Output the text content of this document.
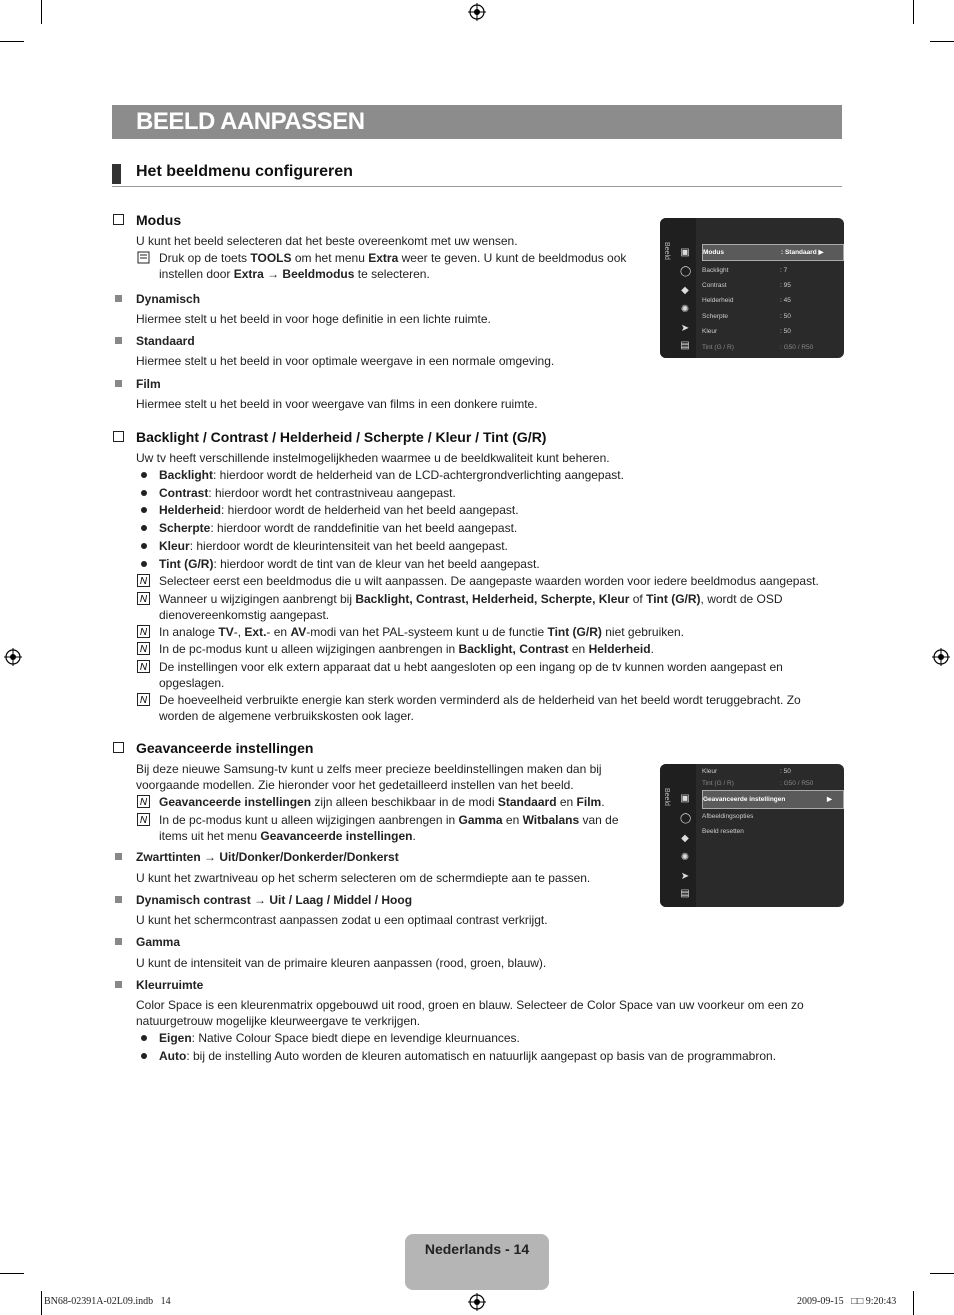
BEELD AANPASSEN
Het beeldmenu configureren
Modus
U kunt het beeld selecteren dat het beste overeenkomt met uw wensen.
Druk op de toets TOOLS om het menu Extra weer te geven. U kunt de beeldmodus ook
instellen door Extra → Beeldmodus te selecteren.
Dynamisch
Hiermee stelt u het beeld in voor hoge definitie in een lichte ruimte.
Standaard
Hiermee stelt u het beeld in voor optimale weergave in een normale omgeving.
Film
Hiermee stelt u het beeld in voor weergave van films in een donkere ruimte.
Beeld ▣
◯
◆
✺
➤
▤
Modus	: Standaard ▶
Backlight	: 7
Contrast	: 95
Helderheid	: 45
Scherpte	: 50
Kleur	: 50
Tint (G / R)	: G50 / R50
Backlight / Contrast / Helderheid / Scherpte / Kleur / Tint (G/R)
Uw tv heeft verschillende instelmogelijkheden waarmee u de beeldkwaliteit kunt beheren.
Backlight: hierdoor wordt de helderheid van de LCD-achtergrondverlichting aangepast.
Contrast: hierdoor wordt het contrastniveau aangepast.
Helderheid: hierdoor wordt de helderheid van het beeld aangepast.
Scherpte: hierdoor wordt de randdefinitie van het beeld aangepast.
Kleur: hierdoor wordt de kleurintensiteit van het beeld aangepast.
Tint (G/R): hierdoor wordt de tint van de kleur van het beeld aangepast.
N Selecteer eerst een beeldmodus die u wilt aanpassen. De aangepaste waarden worden voor iedere beeldmodus aangepast.
N Wanneer u wijzigingen aanbrengt bij Backlight, Contrast, Helderheid, Scherpte, Kleur of Tint (G/R), wordt de OSD
dienovereenkomstig aangepast.
N In analoge TV-, Ext.- en AV-modi van het PAL-systeem kunt u de functie Tint (G/R) niet gebruiken.
N In de pc-modus kunt u alleen wijzigingen aanbrengen in Backlight, Contrast en Helderheid.
N De instellingen voor elk extern apparaat dat u hebt aangesloten op een ingang op de tv kunnen worden aangepast en
opgeslagen.
N De hoeveelheid verbruikte energie kan sterk worden verminderd als de helderheid van het beeld wordt teruggebracht. Zo
worden de algemene verbruikskosten ook lager.
Geavanceerde instellingen
Bij deze nieuwe Samsung-tv kunt u zelfs meer precieze beeldinstellingen maken dan bij
voorgaande modellen. Zie hieronder voor het gedetailleerd instellen van het beeld.
N Geavanceerde instellingen zijn alleen beschikbaar in de modi Standaard en Film.
N In de pc-modus kunt u alleen wijzigingen aanbrengen in Gamma en Witbalans van de
items uit het menu Geavanceerde instellingen.
Zwarttinten → Uit/Donker/Donkerder/Donkerst
U kunt het zwartniveau op het scherm selecteren om de schermdiepte aan te passen.
Dynamisch contrast → Uit / Laag / Middel / Hoog
U kunt het schermcontrast aanpassen zodat u een optimaal contrast verkrijgt.
Gamma
U kunt de intensiteit van de primaire kleuren aanpassen (rood, groen, blauw).
Kleurruimte
Color Space is een kleurenmatrix opgebouwd uit rood, groen en blauw. Selecteer de Color Space van uw voorkeur om een zo
natuurgetrouw mogelijke kleurweergave te verkrijgen.
Eigen: Native Colour Space biedt diepe en levendige kleurnuances.
Auto: bij de instelling Auto worden de kleuren automatisch en natuurlijk aangepast op basis van de programmabron.
Beeld ▣
◯
◆
✺
➤
▤
Kleur	: 50
Tint (G / R)	: G50 / R50
Geavanceerde instellingen	▶
Afbeeldingsopties
Beeld resetten
Nederlands - 14
BN68-02391A-02L09.indb   14	2009-09-15   □□ 9:20:43
